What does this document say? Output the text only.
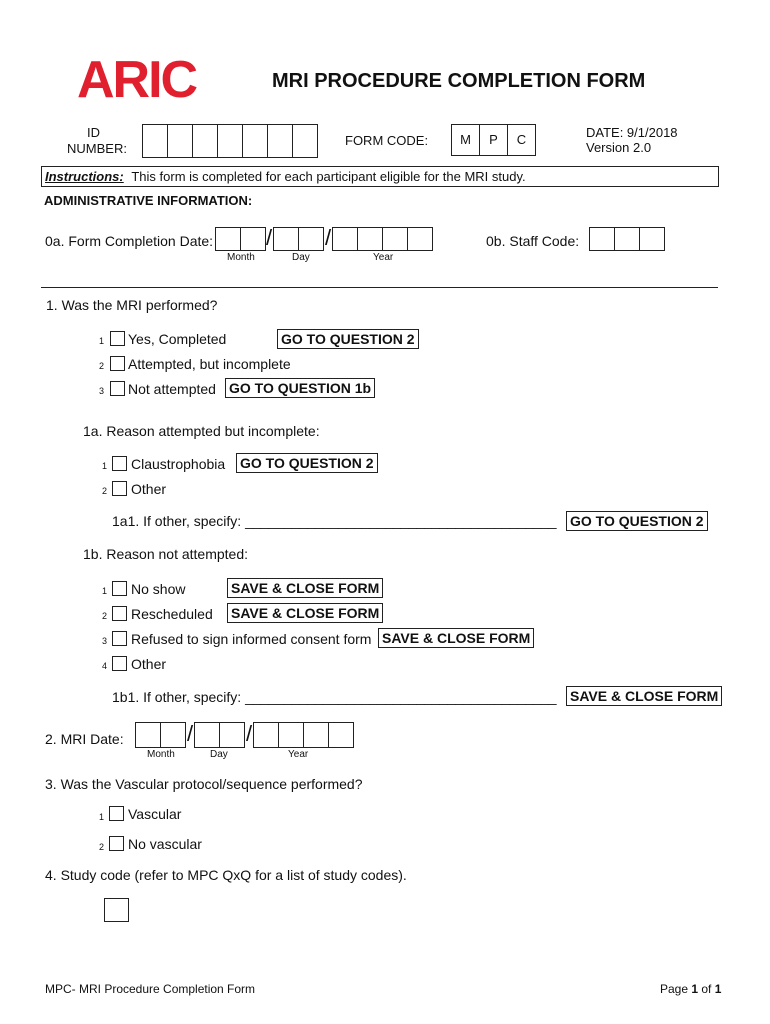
ARIC	MRI PROCEDURE COMPLETION FORM
ID
NUMBER:
FORM CODE:	M	P	C	DATE: 9/1/2018
Version 2.0
Instructions: This form is completed for each participant eligible for the MRI study.
ADMINISTRATIVE INFORMATION:
0a. Form Completion Date: / /
Month	Day	Year
0b. Staff Code:
1. Was the MRI performed?
1 Yes, Completed	GO TO QUESTION 2
2 Attempted, but incomplete
3 Not attempted GO TO QUESTION 1b
1a. Reason attempted but incomplete:
1 Claustrophobia GO TO QUESTION 2
2 Other
1a1. If other, specify: ________________________________________ GO TO QUESTION 2
1b. Reason not attempted:
1 No show	SAVE & CLOSE FORM
2 Rescheduled SAVE & CLOSE FORM
3 Refused to sign informed consent form SAVE & CLOSE FORM
4 Other
1b1. If other, specify: ________________________________________ SAVE & CLOSE FORM
2. MRI Date:	/ /
Month	Day	Year
3. Was the Vascular protocol/sequence performed?
1 Vascular
2 No vascular
4. Study code (refer to MPC QxQ for a list of study codes).
MPC- MRI Procedure Completion Form	Page 1 of 1
